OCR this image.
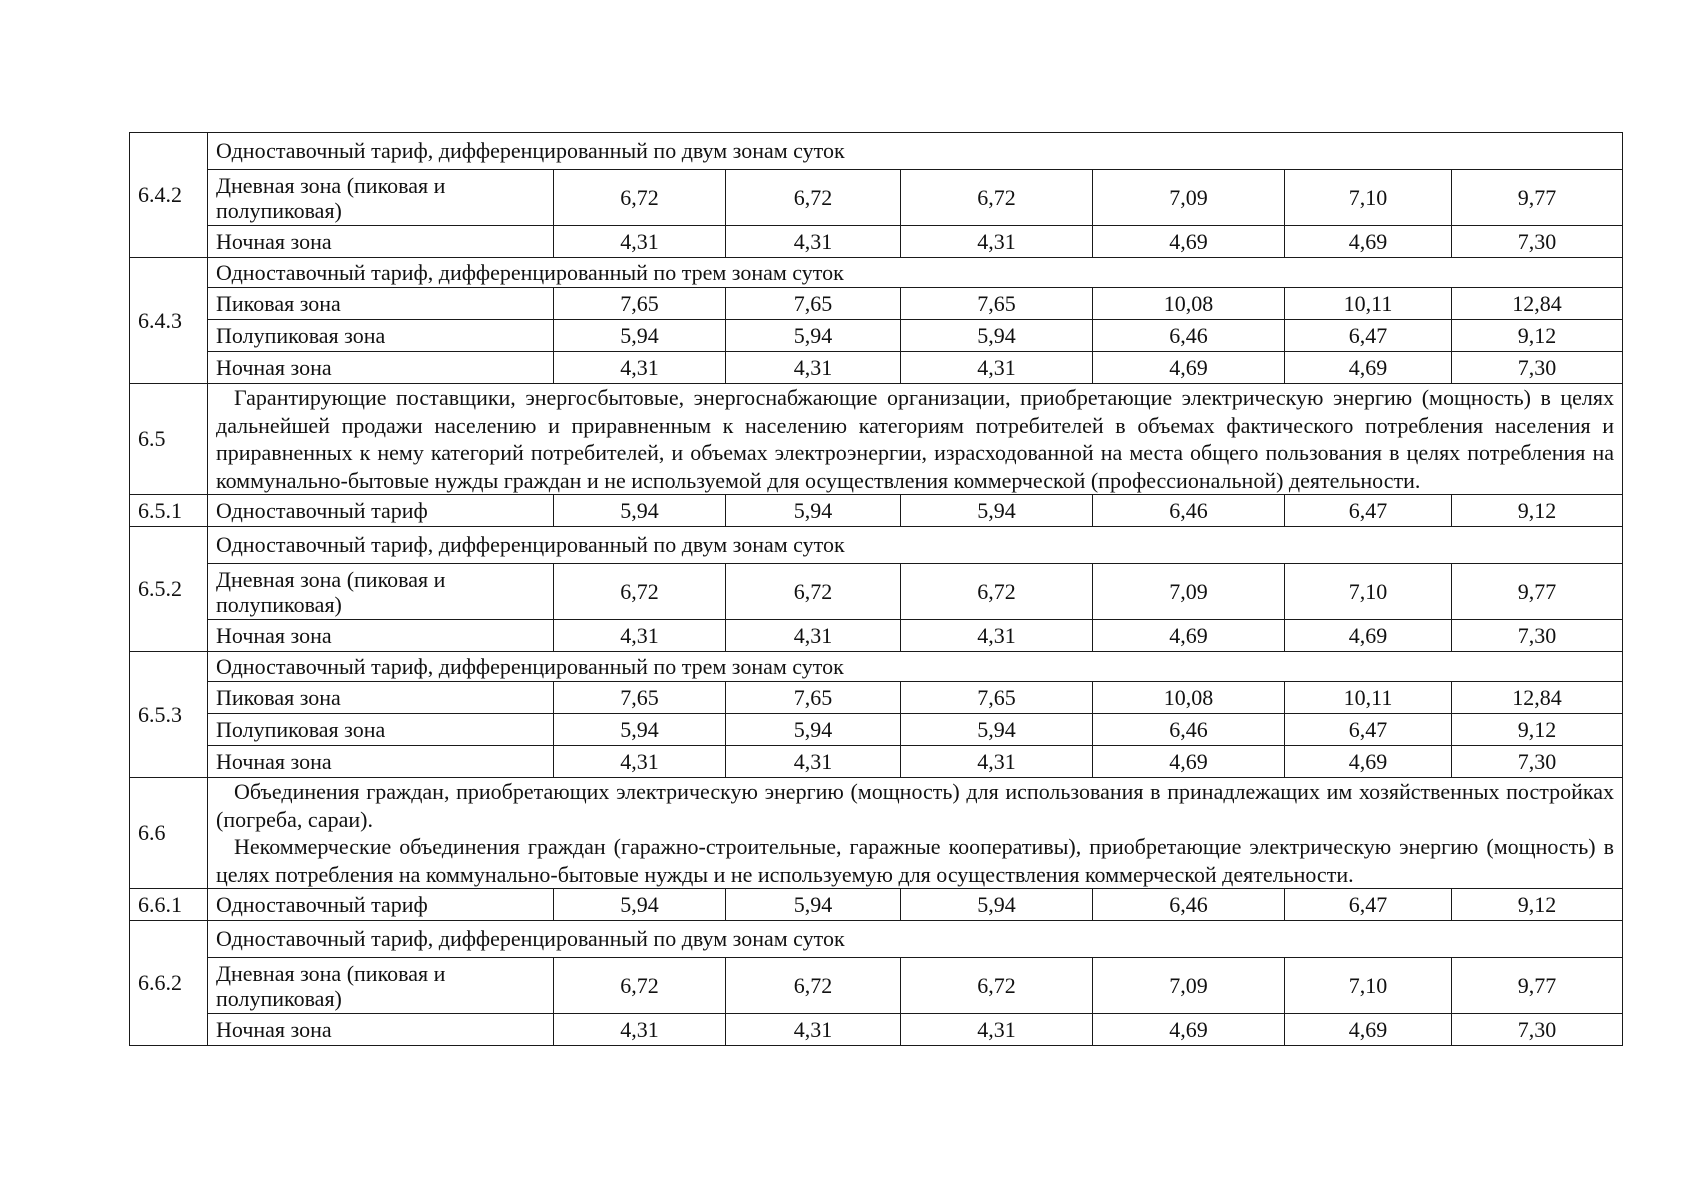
6.4.2	Одноставочный тариф, дифференцированный по двум зонам суток						
	Дневная зона (пиковая и полупиковая)	6,72	6,72	6,72	7,09	7,10	9,77
	Ночная зона	4,31	4,31	4,31	4,69	4,69	7,30
6.4.3	Одноставочный тариф, дифференцированный по трем зонам суток						
	Пиковая зона	7,65	7,65	7,65	10,08	10,11	12,84
	Полупиковая зона	5,94	5,94	5,94	6,46	6,47	9,12
	Ночная зона	4,31	4,31	4,31	4,69	4,69	7,30
6.5	Гарантирующие поставщики, энергосбытовые, энергоснабжающие организации, приобретающие электрическую энергию (мощность) в целях дальнейшей продажи населению и приравненным к населению категориям потребителей в объемах фактического потребления населения и приравненных к нему категорий потребителей, и объемах электроэнергии, израсходованной на места общего пользования в целях потребления на коммунально-бытовые нужды граждан и не используемой для осуществления коммерческой (профессиональной) деятельности.						

6.5.1	Одноставочный тариф	5,94	5,94	5,94	6,46	6,47	9,12
6.5.2	Одноставочный тариф, дифференцированный по двум зонам суток						
	Дневная зона (пиковая и полупиковая)	6,72	6,72	6,72	7,09	7,10	9,77
	Ночная зона	4,31	4,31	4,31	4,69	4,69	7,30
6.5.3	Одноставочный тариф, дифференцированный по трем зонам суток						
	Пиковая зона	7,65	7,65	7,65	10,08	10,11	12,84
	Полупиковая зона	5,94	5,94	5,94	6,46	6,47	9,12
	Ночная зона	4,31	4,31	4,31	4,69	4,69	7,30
6.6	Объединения граждан, приобретающих электрическую энергию (мощность) для использования в принадлежащих им хозяйственных постройках (погреба, сараи).

Некоммерческие объединения граждан (гаражно-строительные, гаражные кооперативы), приобретающие электрическую энергию (мощность) в целях потребления на коммунально-бытовые нужды и не используемую для осуществления коммерческой деятельности.						

6.6.1	Одноставочный тариф	5,94	5,94	5,94	6,46	6,47	9,12
6.6.2	Одноставочный тариф, дифференцированный по двум зонам суток						
	Дневная зона (пиковая и полупиковая)	6,72	6,72	6,72	7,09	7,10	9,77
	Ночная зона	4,31	4,31	4,31	4,69	4,69	7,30
